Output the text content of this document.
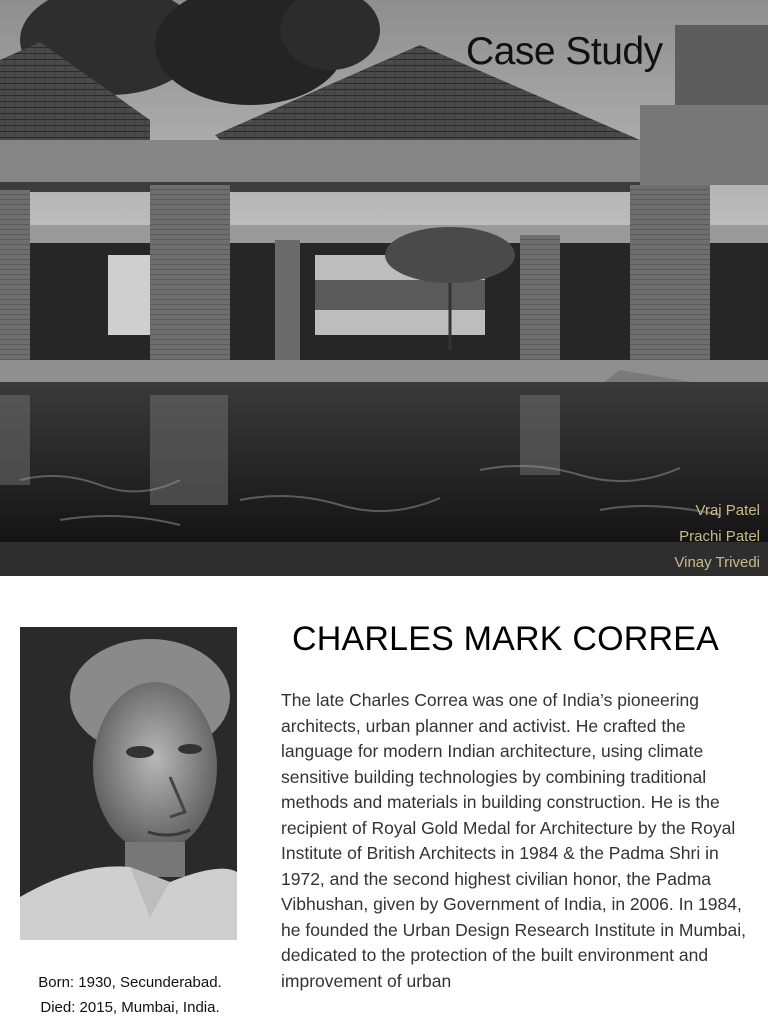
Case Study
Vraj Patel
Prachi Patel
Vinay Trivedi
Born: 1930, Secunderabad.
Died: 2015, Mumbai, India.
CHARLES MARK CORREA
The late Charles Correa was one of India’s pioneering architects, urban planner and activist. He crafted the language for modern Indian architecture, using climate sensitive building technologies by combining traditional methods and materials in building construction. He is the recipient of Royal Gold Medal for Architecture by the Royal Institute of British Architects in 1984 & the Padma Shri in 1972, and the second highest civilian honor, the Padma Vibhushan, given by Government of India, in 2006. In 1984, he founded the Urban Design Research Institute in Mumbai, dedicated to the protection of the built environment and improvement of urban
